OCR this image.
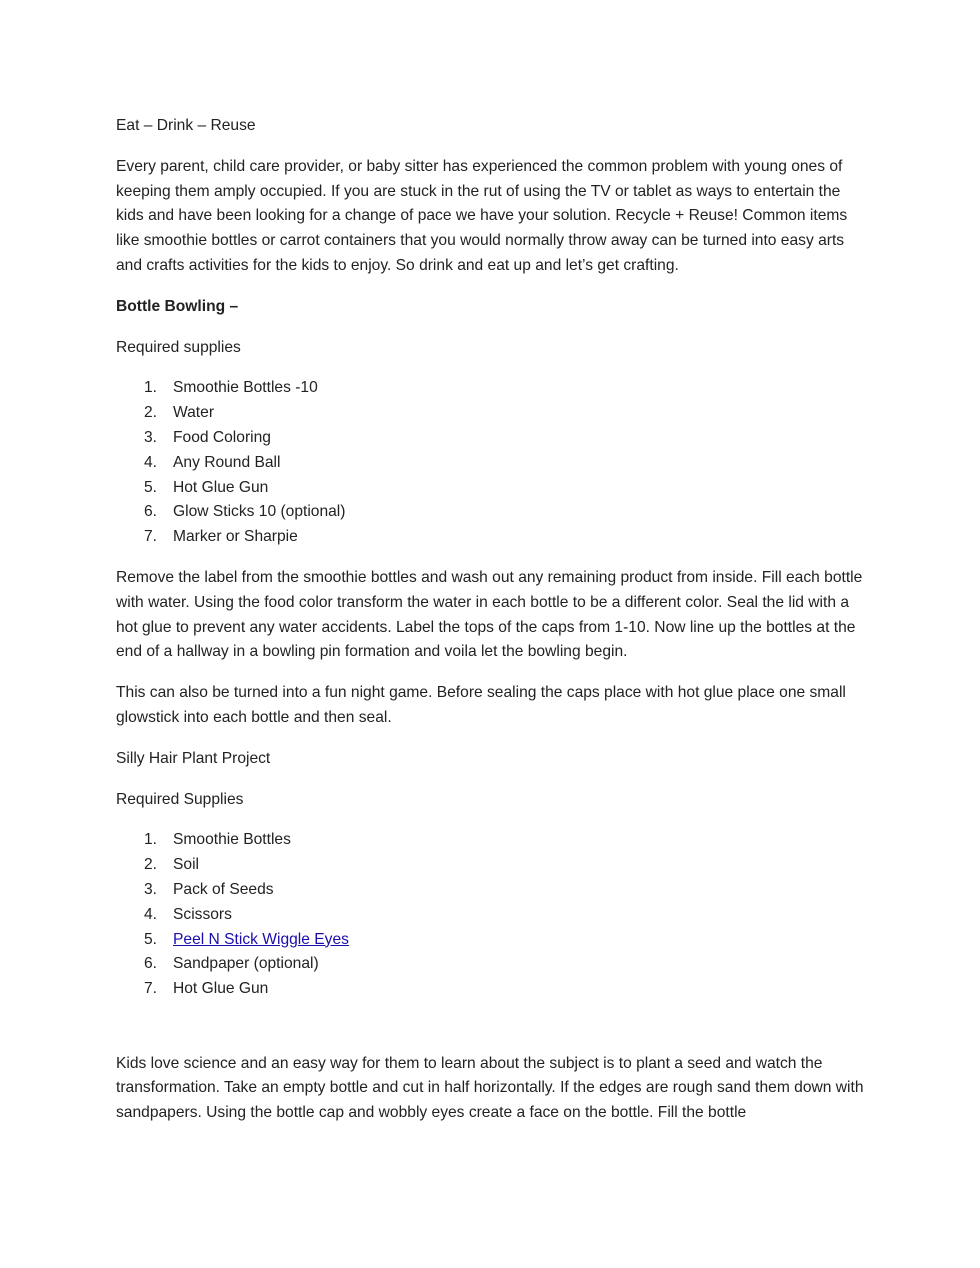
Eat – Drink – Reuse

Every parent, child care provider, or baby sitter has experienced the common problem with young ones of keeping them amply occupied. If you are stuck in the rut of using the TV or tablet as ways to entertain the kids and have been looking for a change of pace we have your solution. Recycle + Reuse! Common items like smoothie bottles or carrot containers that you would normally throw away can be turned into easy arts and crafts activities for the kids to enjoy. So drink and eat up and let’s get crafting.

Bottle Bowling –

Required supplies

1. Smoothie Bottles -10
2. Water
3. Food Coloring
4. Any Round Ball
5. Hot Glue Gun
6. Glow Sticks 10 (optional)
7. Marker or Sharpie

Remove the label from the smoothie bottles and wash out any remaining product from inside. Fill each bottle with water. Using the food color transform the water in each bottle to be a different color. Seal the lid with a hot glue to prevent any water accidents. Label the tops of the caps from 1-10. Now line up the bottles at the end of a hallway in a bowling pin formation and voila let the bowling begin.

This can also be turned into a fun night game. Before sealing the caps place with hot glue place one small glowstick into each bottle and then seal.

Silly Hair Plant Project

Required Supplies

1. Smoothie Bottles
2. Soil
3. Pack of Seeds
4. Scissors
5. Peel N Stick Wiggle Eyes
6. Sandpaper (optional)
7. Hot Glue Gun

Kids love science and an easy way for them to learn about the subject is to plant a seed and watch the transformation. Take an empty bottle and cut in half horizontally. If the edges are rough sand them down with sandpapers. Using the bottle cap and wobbly eyes create a face on the bottle. Fill the bottle
